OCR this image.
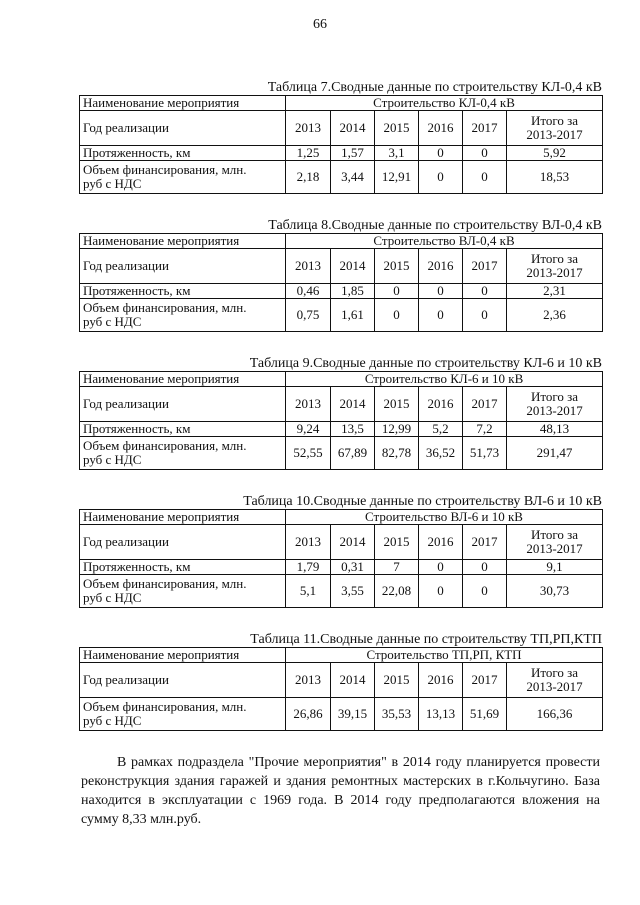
66
Таблица 7.Сводные данные по строительству КЛ-0,4 кВ
Наименование мероприятия	Строительство КЛ-0,4 кВ					
Год реализации	2013	2014	2015	2016	2017	Итого за
2013-2017

Протяженность, км	1,25	1,57	3,1	0	0	5,92

Объем финансирования, млн.
руб с НДС	2,18	3,44	12,91	0	0	18,53
Таблица 8.Сводные данные по строительству ВЛ-0,4 кВ
Наименование мероприятия	Строительство ВЛ-0,4 кВ					
Год реализации	2013	2014	2015	2016	2017	Итого за
2013-2017

Протяженность, км	0,46	1,85	0	0	0	2,31

Объем финансирования, млн.
руб с НДС	0,75	1,61	0	0	0	2,36
Таблица 9.Сводные данные по строительству КЛ-6 и 10 кВ
Наименование мероприятия	Строительство КЛ-6 и 10 кВ					
Год реализации	2013	2014	2015	2016	2017	Итого за
2013-2017

Протяженность, км	9,24	13,5	12,99	5,2	7,2	48,13

Объем финансирования, млн.
руб с НДС	52,55	67,89	82,78	36,52	51,73	291,47
Таблица 10.Сводные данные по строительству ВЛ-6 и 10 кВ
Наименование мероприятия	Строительство ВЛ-6 и 10 кВ					
Год реализации	2013	2014	2015	2016	2017	Итого за
2013-2017

Протяженность, км	1,79	0,31	7	0	0	9,1

Объем финансирования, млн.
руб с НДС	5,1	3,55	22,08	0	0	30,73
Таблица 11.Сводные данные по строительству ТП,РП,КТП
Наименование мероприятия	Строительство ТП,РП, КТП					
Год реализации	2013	2014	2015	2016	2017	Итого за
2013-2017

Объем финансирования, млн.
руб с НДС	26,86	39,15	35,53	13,13	51,69	166,36
В рамках подраздела "Прочие мероприятия" в 2014 году планируется провести реконструкция здания гаражей и здания ремонтных мастерских в г.Кольчугино. База находится в эксплуатации с 1969 года. В 2014 году предполагаются вложения на сумму 8,33 млн.руб.
